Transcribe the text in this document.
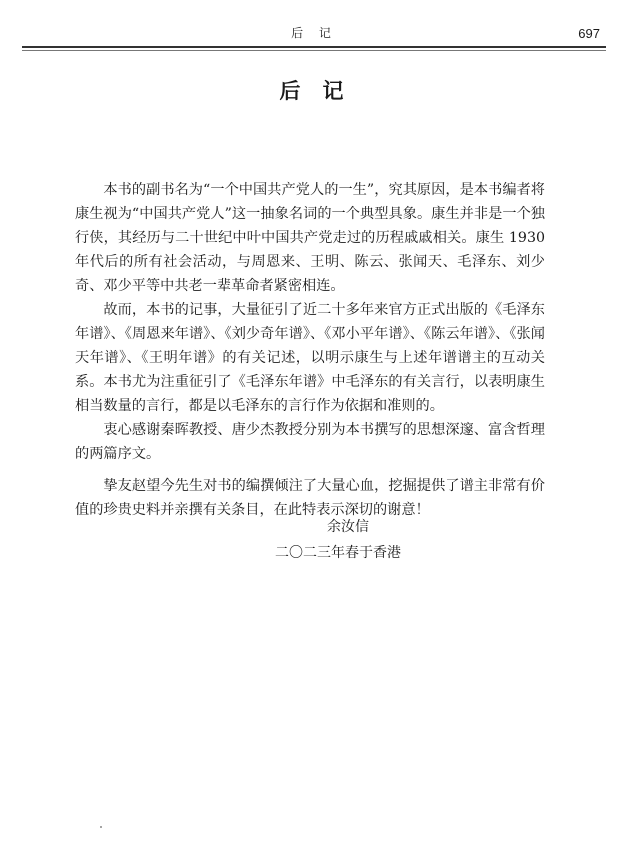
后 记	697
后记

本书的副书名为“一个中国共产党人的一生”，究其原因，是本书编者将康生视为“中国共产党人”这一抽象名词的一个典型具象。康生并非是一个独行侠，其经历与二十世纪中叶中国共产党走过的历程戚戚相关。康生 1930 年代后的所有社会活动，与周恩来、王明、陈云、张闻天、毛泽东、刘少奇、邓少平等中共老一辈革命者紧密相连。

故而，本书的记事，大量征引了近二十多年来官方正式出版的《毛泽东年谱》、《周恩来年谱》、《刘少奇年谱》、《邓小平年谱》、《陈云年谱》、《张闻天年谱》、《王明年谱》的有关记述，以明示康生与上述年谱谱主的互动关系。本书尤为注重征引了《毛泽东年谱》中毛泽东的有关言行，以表明康生相当数量的言行，都是以毛泽东的言行作为依据和准则的。

衷心感谢秦晖教授、唐少杰教授分别为本书撰写的思想深邃、富含哲理的两篇序文。

挚友赵望今先生对书的编撰倾注了大量心血，挖掘提供了谱主非常有价值的珍贵史料并亲撰有关条目，在此特表示深切的谢意！

余汝信
二〇二三年春于香港
